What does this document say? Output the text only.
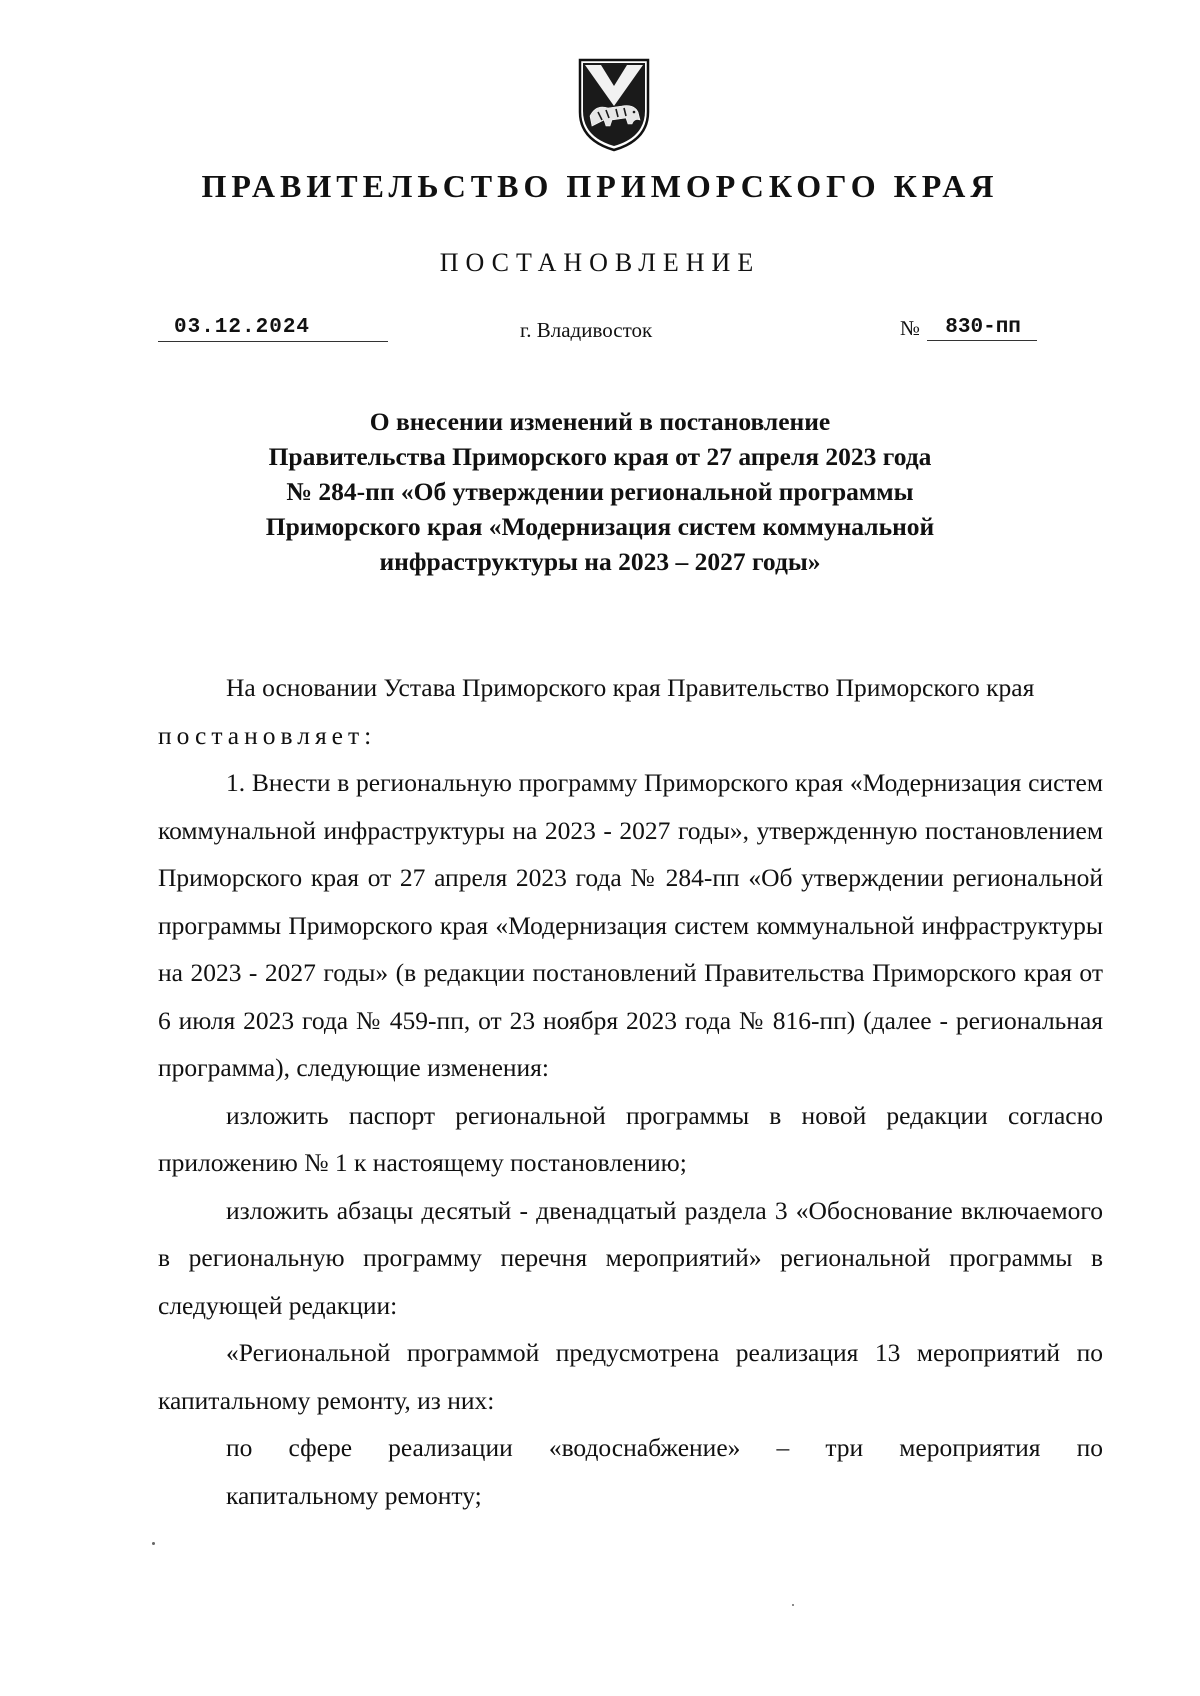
ПРАВИТЕЛЬСТВО ПРИМОРСКОГО КРАЯ
ПОСТАНОВЛЕНИЕ
03.12.2024	г. Владивосток	№ 830-пп
О внесении изменений в постановление
Правительства Приморского края от 27 апреля 2023 года
№ 284-пп «Об утверждении региональной программы
Приморского края «Модернизация систем коммунальной
инфраструктуры на 2023 – 2027 годы»

На основании Устава Приморского края Правительство Приморского края

постановляет:

1. Внести в региональную программу Приморского края «Модернизация систем коммунальной инфраструктуры на 2023 - 2027 годы», утвержденную постановлением Приморского края от 27 апреля 2023 года № 284-пп «Об утверждении региональной программы Приморского края «Модернизация систем коммунальной инфраструктуры на 2023 - 2027 годы» (в редакции постановлений Правительства Приморского края от 6 июля 2023 года № 459-пп, от 23 ноября 2023 года № 816-пп) (далее - региональная программа), следующие изменения:

изложить паспорт региональной программы в новой редакции согласно приложению № 1 к настоящему постановлению;

изложить абзацы десятый - двенадцатый раздела 3 «Обоснование включаемого в региональную программу перечня мероприятий» региональной программы в следующей редакции:

«Региональной программой предусмотрена реализация 13 мероприятий по капитальному ремонту, из них:

по сфере реализации «водоснабжение» – три мероприятия по

капитальному ремонту;
